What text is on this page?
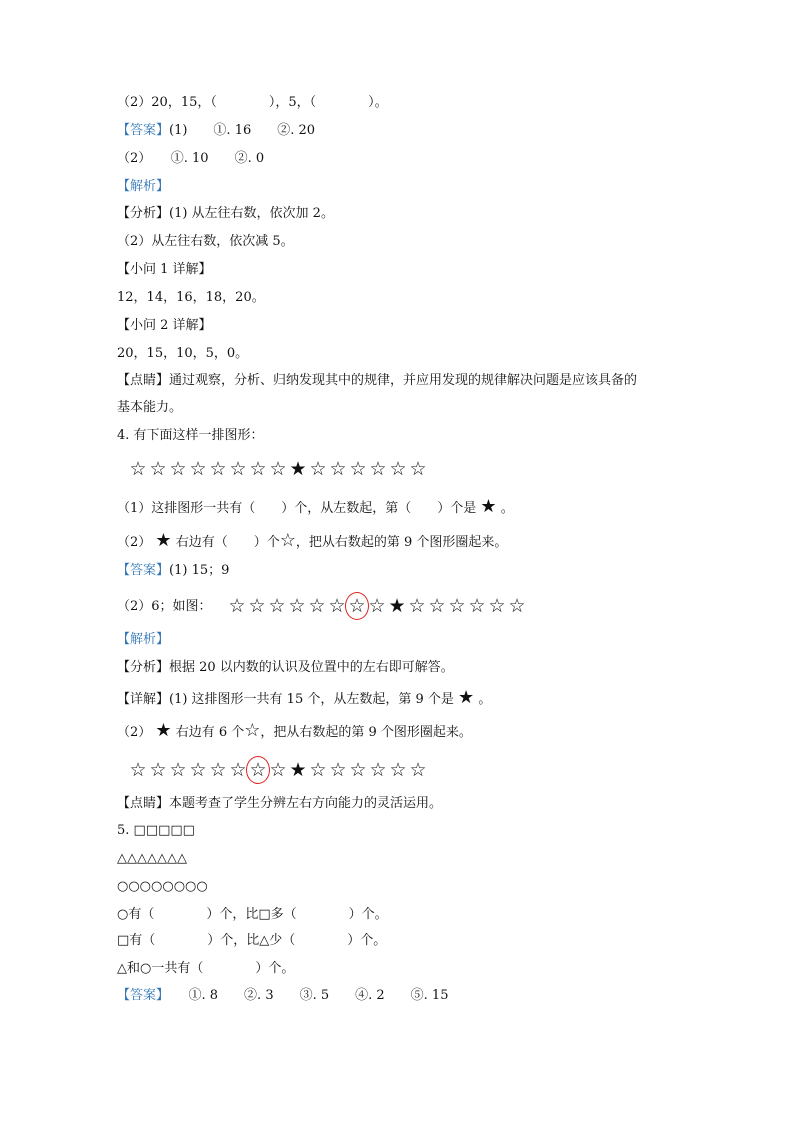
（2）20，15，（　　　　），5，（　　　　）。
【答案】(1)　　①. 16　　②. 20
（2）　　①. 10　　②. 0
【解析】
【分析】(1) 从左往右数，依次加 2。
（2）从左往右数，依次减 5。
【小问 1 详解】
12，14，16，18，20。
【小问 2 详解】
20，15，10，5，0。
【点睛】通过观察，分析、归纳发现其中的规律，并应用发现的规律解决问题是应该具备的
基本能力。
4. 有下面这样一排图形：
☆ ☆ ☆ ☆ ☆ ☆ ☆ ☆ ★ ☆ ☆ ☆ ☆ ☆ ☆
（1）这排图形一共有（　　）个，从左数起，第（　　）个是 ★ 。
（2） ★ 右边有（　　）个☆，把从右数起的第 9 个图形圈起来。
【答案】(1) 15；9
（2）6；如图： ☆ ☆ ☆ ☆ ☆ ☆ ☆ ☆ ★ ☆ ☆ ☆ ☆ ☆ ☆
【解析】
【分析】根据 20 以内数的认识及位置中的左右即可解答。
【详解】(1) 这排图形一共有 15 个，从左数起，第 9 个是 ★ 。
（2） ★ 右边有 6 个☆，把从右数起的第 9 个图形圈起来。
☆ ☆ ☆ ☆ ☆ ☆ ☆ ☆ ★ ☆ ☆ ☆ ☆ ☆ ☆
【点睛】本题考查了学生分辨左右方向能力的灵活运用。
5. □□□□□
△△△△△△△
○○○○○○○○
○有（　　　　）个，比□多（　　　　）个。
□有（　　　　）个，比△少（　　　　）个。
△和○一共有（　　　　）个。
【答案】　　①. 8　　②. 3　　③. 5　　④. 2　　⑤. 15
